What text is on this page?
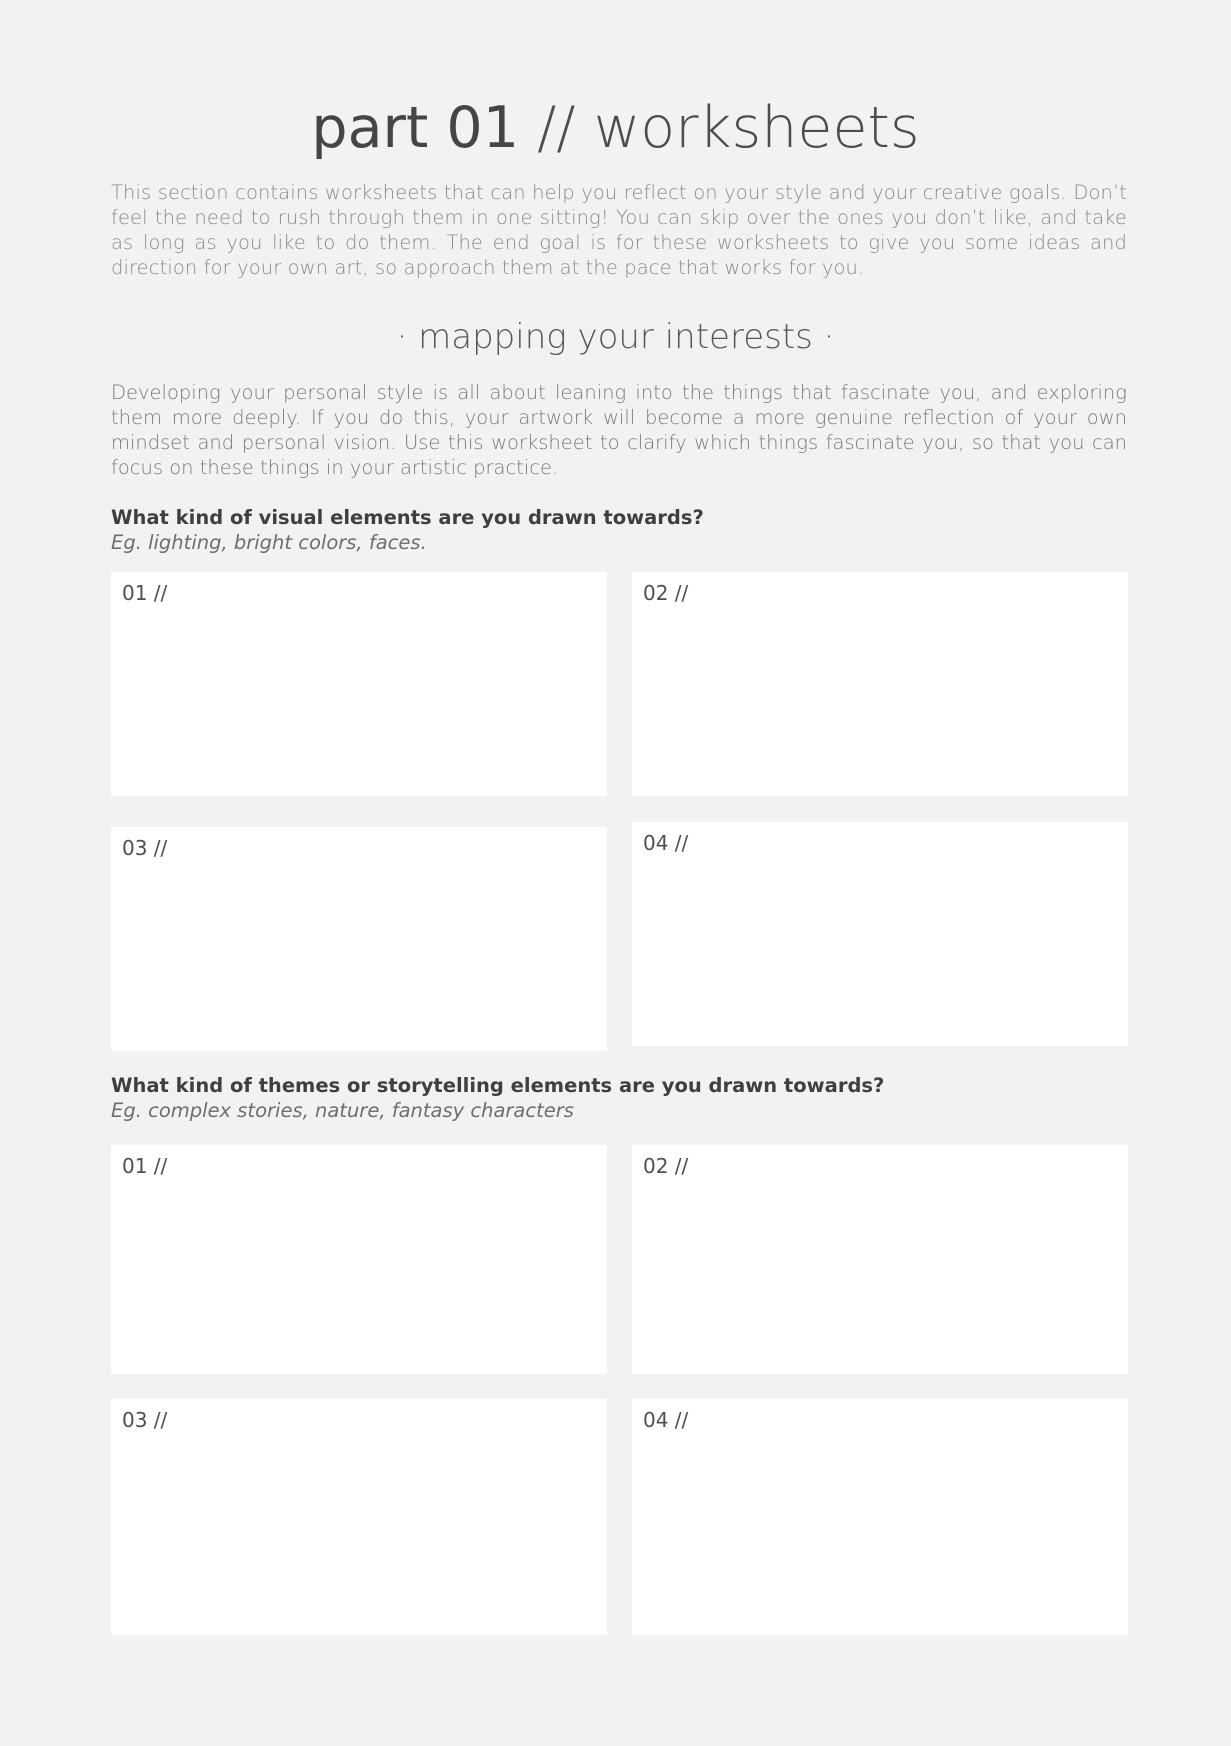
part 01 // worksheets
This section contains worksheets that can help you reflect on your style and your creative goals. Don’t feel the need to rush through them in one sitting! You can skip over the ones you don’t like, and take as long as you like to do them. The end goal is for these worksheets to give you some ideas and direction for your own art, so approach them at the pace that works for you.
· mapping your interests ·
Developing your personal style is all about leaning into the things that fascinate you, and exploring them more deeply. If you do this, your artwork will become a more genuine reflection of your own mindset and personal vision. Use this worksheet to clarify which things fascinate you, so that you can focus on these things in your artistic practice.
What kind of visual elements are you drawn towards?
Eg. lighting, bright colors, faces.
01 //	02 //
03 //	04 //
What kind of themes or storytelling elements are you drawn towards?
Eg. complex stories, nature, fantasy characters
01 //	02 //
03 //	04 //
